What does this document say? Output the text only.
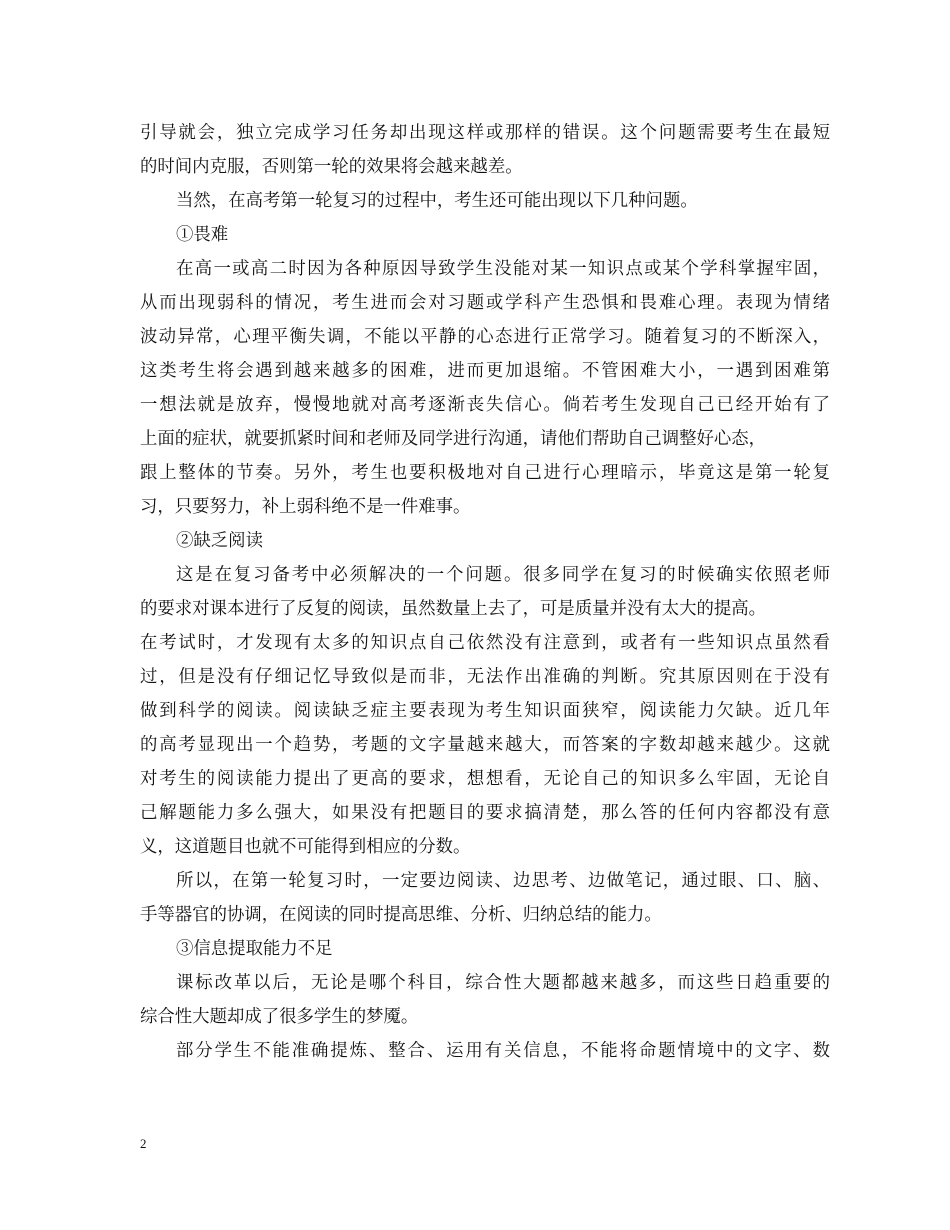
引导就会，独立完成学习任务却出现这样或那样的错误。这个问题需要考生在最短
的时间内克服，否则第一轮的效果将会越来越差。
当然，在高考第一轮复习的过程中，考生还可能出现以下几种问题。
①畏难
在高一或高二时因为各种原因导致学生没能对某一知识点或某个学科掌握牢固，
从而出现弱科的情况，考生进而会对习题或学科产生恐惧和畏难心理。表现为情绪
波动异常，心理平衡失调，不能以平静的心态进行正常学习。随着复习的不断深入，
这类考生将会遇到越来越多的困难，进而更加退缩。不管困难大小，一遇到困难第
一想法就是放弃，慢慢地就对高考逐渐丧失信心。倘若考生发现自己已经开始有了
上面的症状，就要抓紧时间和老师及同学进行沟通，请他们帮助自己调整好心态，
跟上整体的节奏。另外，考生也要积极地对自己进行心理暗示，毕竟这是第一轮复
习，只要努力，补上弱科绝不是一件难事。
②缺乏阅读
这是在复习备考中必须解决的一个问题。很多同学在复习的时候确实依照老师
的要求对课本进行了反复的阅读，虽然数量上去了，可是质量并没有太大的提高。
在考试时，才发现有太多的知识点自己依然没有注意到，或者有一些知识点虽然看
过，但是没有仔细记忆导致似是而非，无法作出准确的判断。究其原因则在于没有
做到科学的阅读。阅读缺乏症主要表现为考生知识面狭窄，阅读能力欠缺。近几年
的高考显现出一个趋势，考题的文字量越来越大，而答案的字数却越来越少。这就
对考生的阅读能力提出了更高的要求，想想看，无论自己的知识多么牢固，无论自
己解题能力多么强大，如果没有把题目的要求搞清楚，那么答的任何内容都没有意
义，这道题目也就不可能得到相应的分数。
所以，在第一轮复习时，一定要边阅读、边思考、边做笔记，通过眼、口、脑、
手等器官的协调，在阅读的同时提高思维、分析、归纳总结的能力。
③信息提取能力不足
课标改革以后，无论是哪个科目，综合性大题都越来越多，而这些日趋重要的
综合性大题却成了很多学生的梦魇。
部分学生不能准确提炼、整合、运用有关信息，不能将命题情境中的文字、数
2
